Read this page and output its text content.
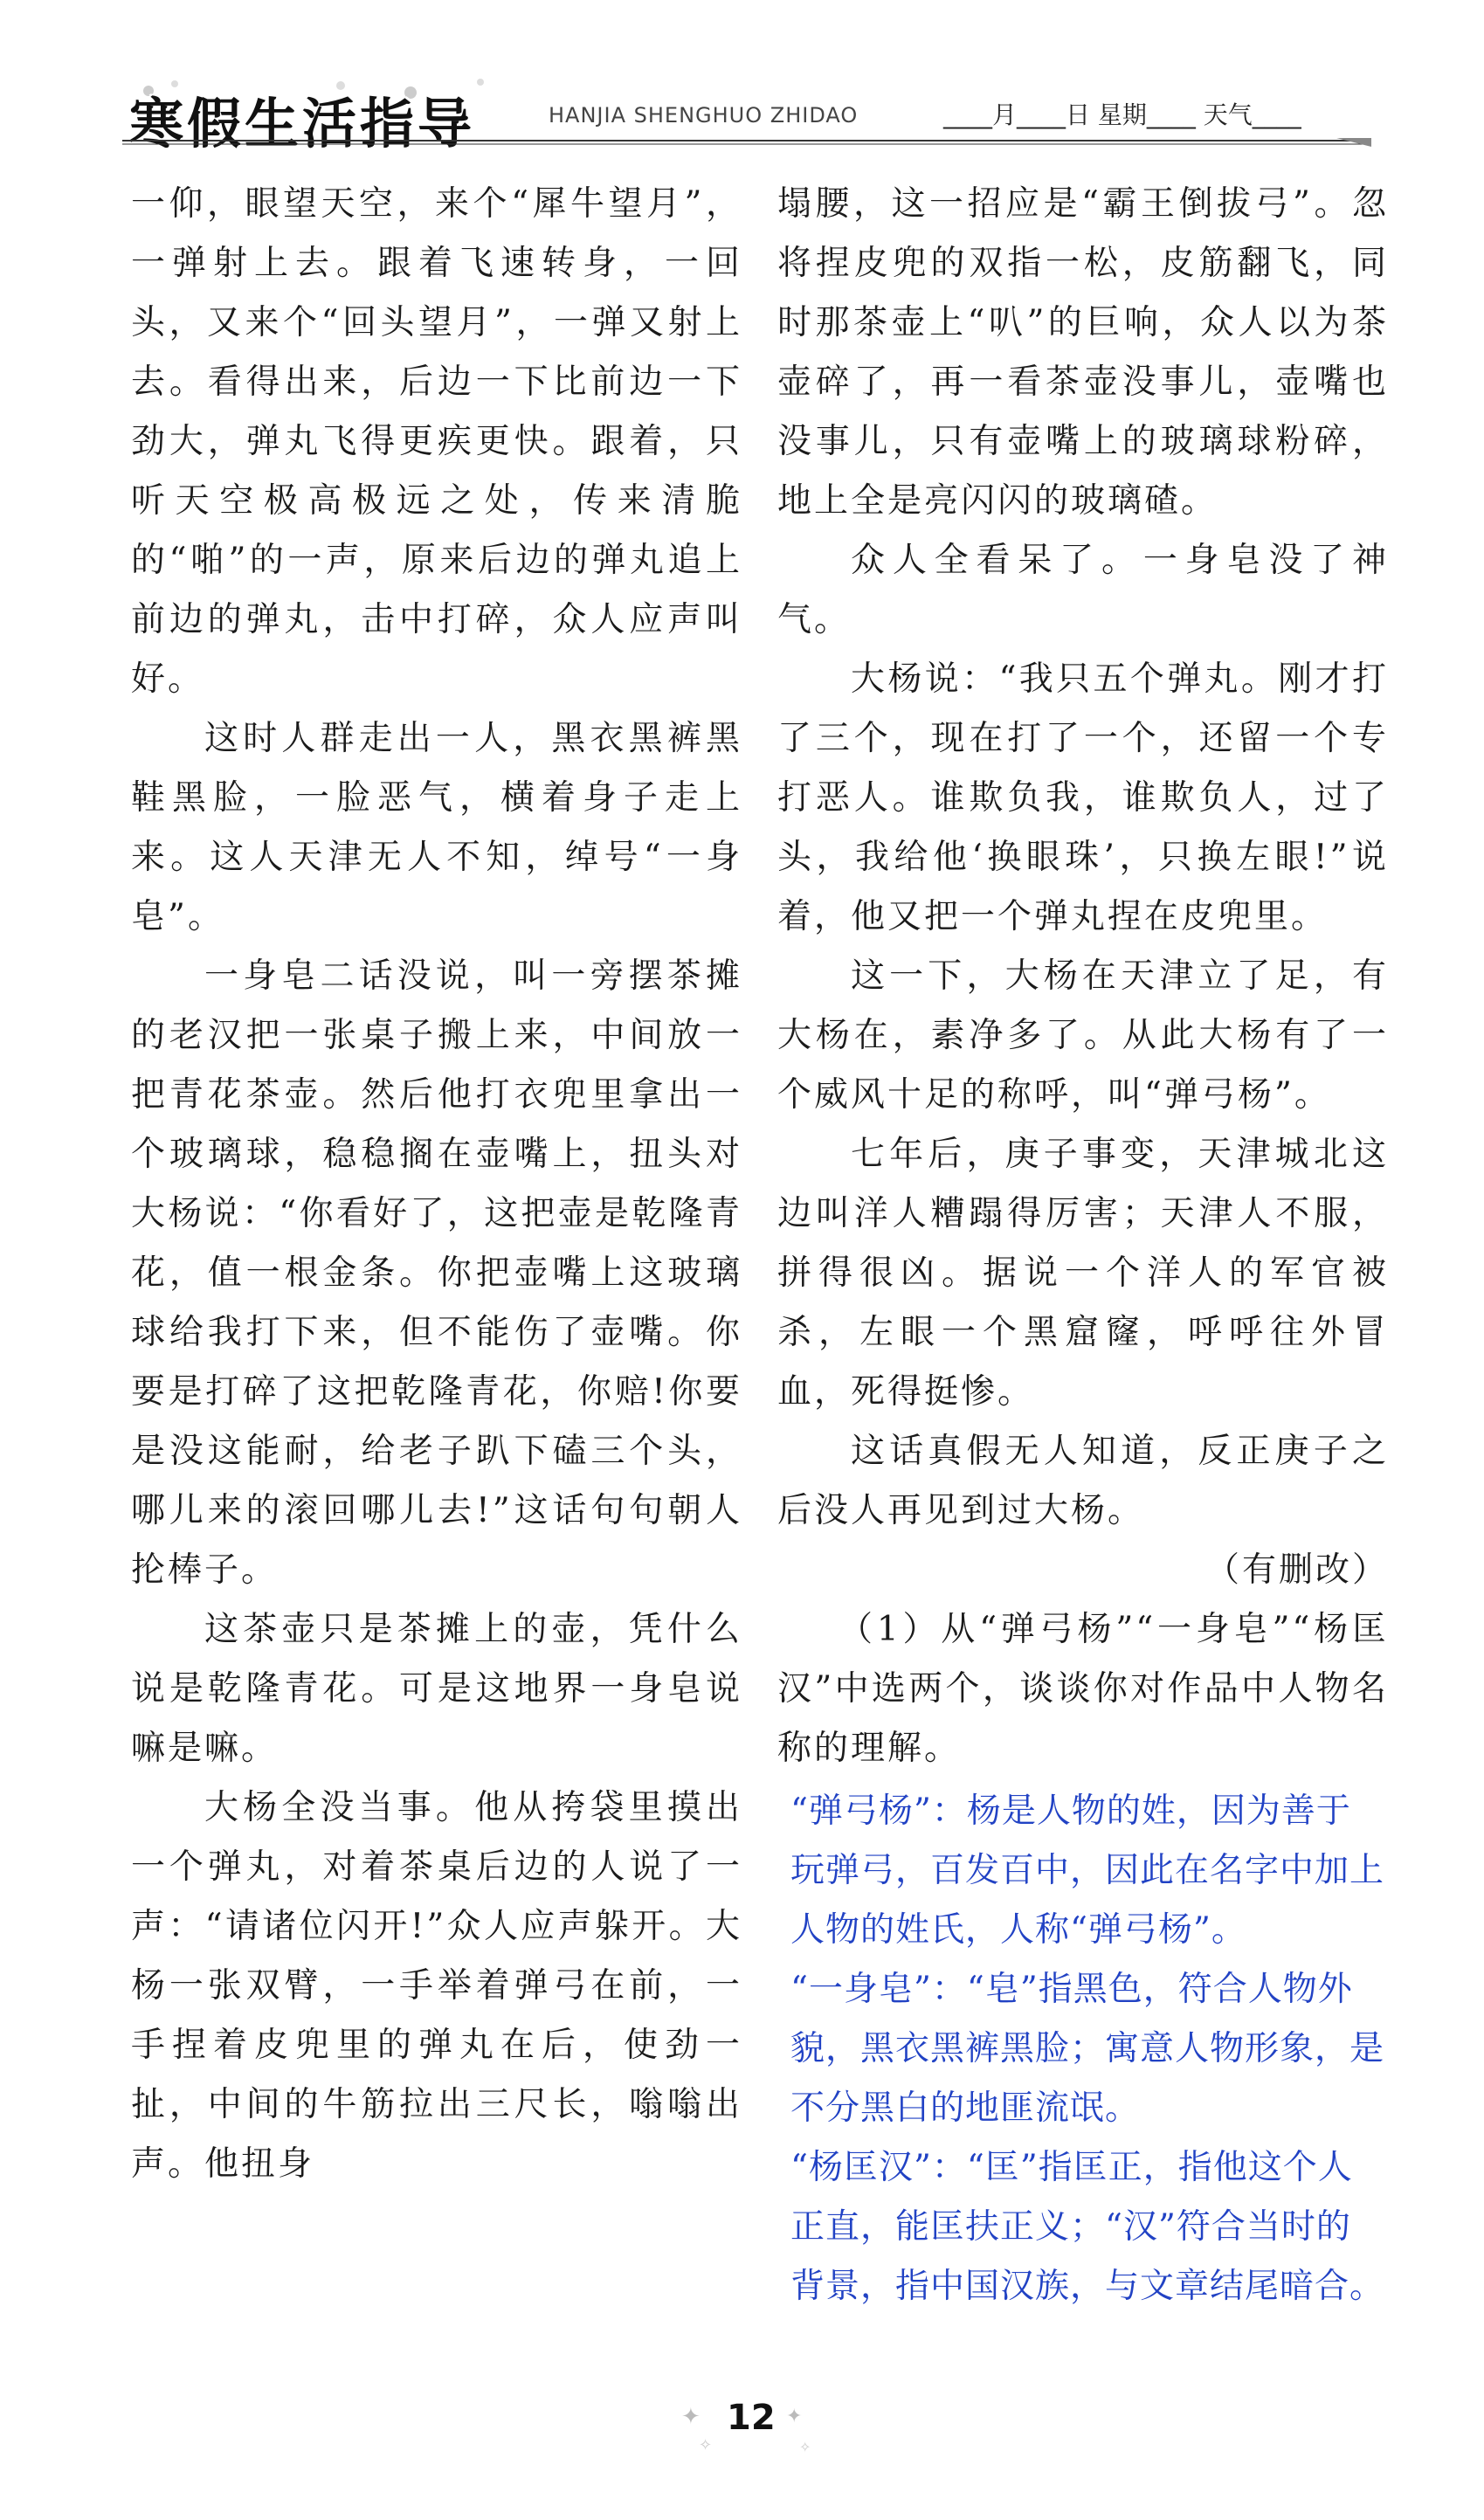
寒假生活指导	HANJIA SHENGHUO ZHIDAO	____月____日 星期____ 天气____

一仰，眼望天空，来个“犀牛望月”，一弹射上去。跟着飞速转身，一回头，又来个“回头望月”，一弹又射上去。看得出来，后边一下比前边一下劲大，弹丸飞得更疾更快。跟着，只听天空极高极远之处，传来清脆的“啪”的一声，原来后边的弹丸追上前边的弹丸，击中打碎，众人应声叫好。

这时人群走出一人，黑衣黑裤黑鞋黑脸，一脸恶气，横着身子走上来。这人天津无人不知，绰号“一身皂”。

一身皂二话没说，叫一旁摆茶摊的老汉把一张桌子搬上来，中间放一把青花茶壶。然后他打衣兜里拿出一个玻璃球，稳稳搁在壶嘴上，扭头对大杨说：“你看好了，这把壶是乾隆青花，值一根金条。你把壶嘴上这玻璃球给我打下来，但不能伤了壶嘴。你要是打碎了这把乾隆青花，你赔!你要是没这能耐，给老子趴下磕三个头，哪儿来的滚回哪儿去!”这话句句朝人抡棒子。

这茶壶只是茶摊上的壶，凭什么说是乾隆青花。可是这地界一身皂说嘛是嘛。

大杨全没当事。他从挎袋里摸出一个弹丸，对着茶桌后边的人说了一声：“请诸位闪开!”众人应声躲开。大杨一张双臂，一手举着弹弓在前，一手捏着皮兜里的弹丸在后，使劲一扯，中间的牛筋拉出三尺长，嗡嗡出声。他扭身

塌腰，这一招应是“霸王倒拔弓”。忽将捏皮兜的双指一松，皮筋翻飞，同时那茶壶上“叭”的巨响，众人以为茶壶碎了，再一看茶壶没事儿，壶嘴也没事儿，只有壶嘴上的玻璃球粉碎，地上全是亮闪闪的玻璃碴。

众人全看呆了。一身皂没了神气。

大杨说：“我只五个弹丸。刚才打了三个，现在打了一个，还留一个专打恶人。谁欺负我，谁欺负人，过了头，我给他‘换眼珠’，只换左眼!”说着，他又把一个弹丸捏在皮兜里。

这一下，大杨在天津立了足，有大杨在，素净多了。从此大杨有了一个威风十足的称呼，叫“弹弓杨”。

七年后，庚子事变，天津城北这边叫洋人糟蹋得厉害；天津人不服，拼得很凶。据说一个洋人的军官被杀，左眼一个黑窟窿，呼呼往外冒血，死得挺惨。

这话真假无人知道，反正庚子之后没人再见到过大杨。

（有删改）

（1）从“弹弓杨”“一身皂”“杨匡汉”中选两个，谈谈你对作品中人物名称的理解。

“弹弓杨”：杨是人物的姓，因为善于玩弹弓，百发百中，因此在名字中加上人物的姓氏，人称“弹弓杨”。

“一身皂”：“皂”指黑色，符合人物外貌，黑衣黑裤黑脸；寓意人物形象，是不分黑白的地匪流氓。

“杨匡汉”：“匡”指匡正，指他这个人正直，能匡扶正义；“汉”符合当时的背景，指中国汉族，与文章结尾暗合。

✦
✧
✦
✧
12
